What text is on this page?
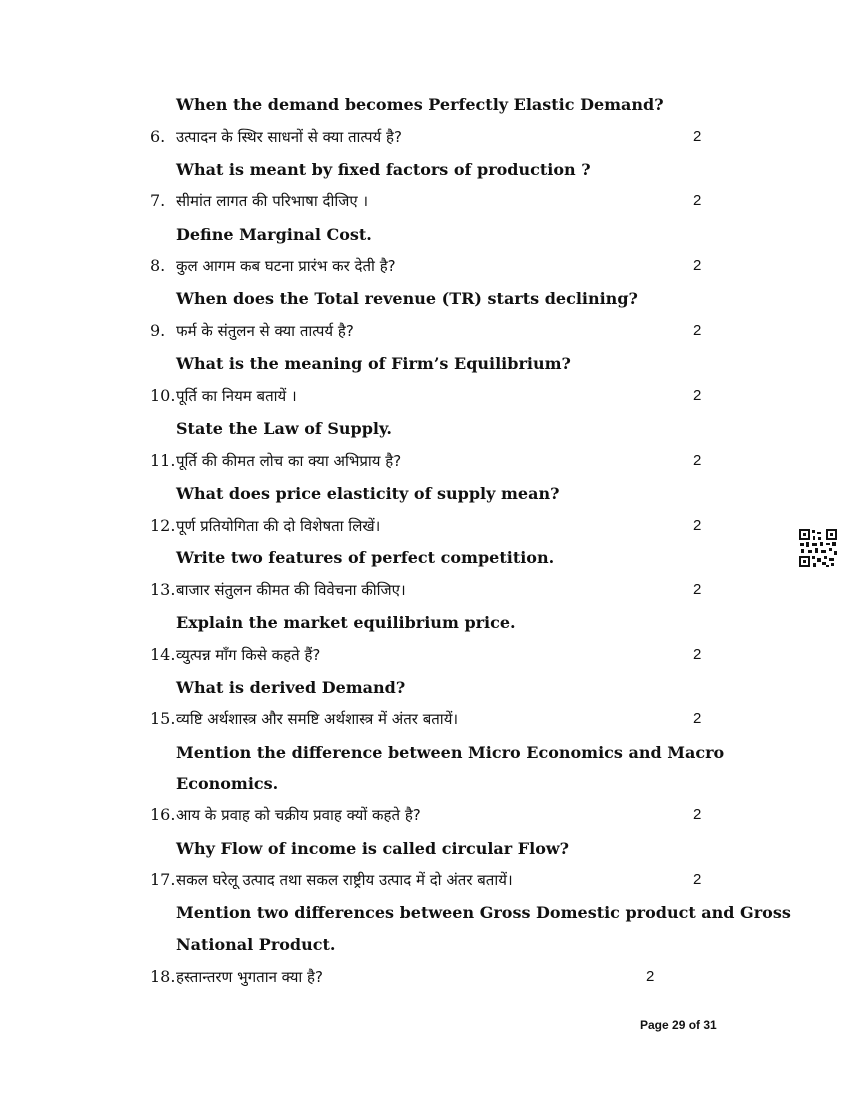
When the demand becomes Perfectly Elastic Demand?
6. उत्पादन के स्थिर साधनों से क्या तात्पर्य है?	2
What is meant by fixed factors of production ?
7. सीमांत लागत की परिभाषा दीजिए ।	2
Define Marginal Cost.
8. कुल आगम कब घटना प्रारंभ कर देती है?	2
When does the Total revenue (TR) starts declining?
9. फर्म के संतुलन से क्या तात्पर्य है?	2
What is the meaning of Firm’s Equilibrium?
10. पूर्ति का नियम बतायें ।	2
State the Law of Supply.
11. पूर्ति की कीमत लोच का क्या अभिप्राय है?	2
What does price elasticity of supply mean?
12. पूर्ण प्रतियोगिता की दो विशेषता लिखें।	2
Write two features of perfect competition.
13. बाजार संतुलन कीमत की विवेचना कीजिए।	2
Explain the market equilibrium price.
14. व्युत्पन्न माँग किसे कहते हैं?	2
What is derived Demand?
15. व्यष्टि अर्थशास्त्र और समष्टि अर्थशास्त्र में अंतर बतायें।	2
Mention the difference between Micro Economics and Macro
Economics.
16. आय के प्रवाह को चक्रीय प्रवाह क्यों कहते है?	2
Why Flow of income is called circular Flow?
17. सकल घरेलू उत्पाद तथा सकल राष्ट्रीय उत्पाद में दो अंतर बतायें।	2
Mention two differences between Gross Domestic product and Gross
National Product.
18. हस्तान्तरण भुगतान क्या है?	2
Page 29 of 31
